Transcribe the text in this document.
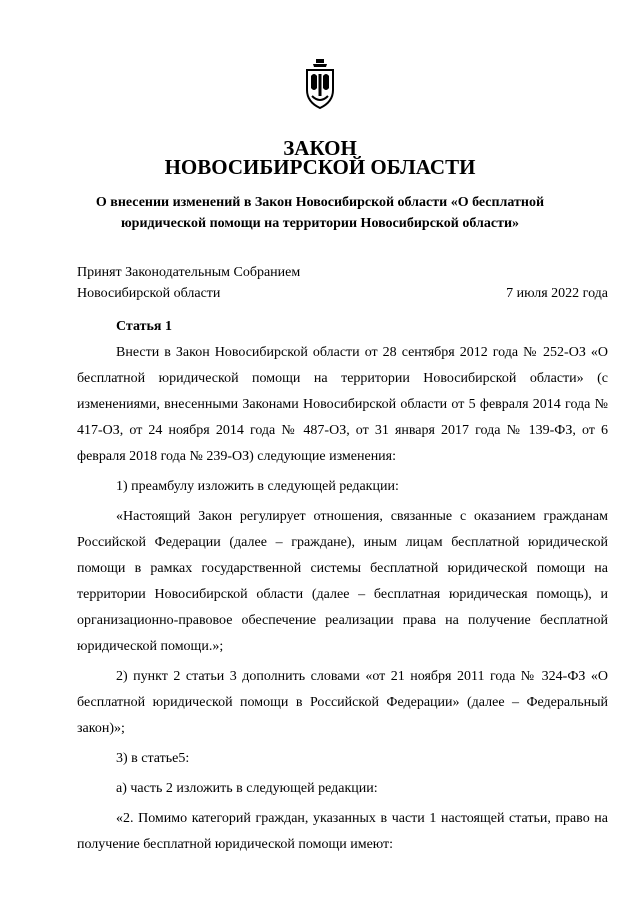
ЗАКОН
НОВОСИБИРСКОЙ ОБЛАСТИ
О внесении изменений в Закон Новосибирской области «О бесплатной
юридической помощи на территории Новосибирской области»
Принят Законодательным Собранием
Новосибирской области	7 июля 2022 года
Статья 1

Внести в Закон Новосибирской области от 28 сентября 2012 года № 252-ОЗ «О бесплатной юридической помощи на территории Новосибирской области» (с изменениями, внесенными Законами Новосибирской области от 5 февраля 2014 года № 417-ОЗ, от 24 ноября 2014 года № 487-ОЗ, от 31 января 2017 года № 139-ФЗ, от 6 февраля 2018 года № 239-ОЗ) следующие изменения:

1) преамбулу изложить в следующей редакции:

«Настоящий Закон регулирует отношения, связанные с оказанием гражданам Российской Федерации (далее – граждане), иным лицам бесплатной юридической помощи в рамках государственной системы бесплатной юридической помощи на территории Новосибирской области (далее – бесплатная юридическая помощь), и организационно-правовое обеспечение реализации права на получение бесплатной юридической помощи.»;

2) пункт 2 статьи 3 дополнить словами «от 21 ноября 2011 года № 324-ФЗ «О бесплатной юридической помощи в Российской Федерации» (далее – Федеральный закон)»;

3) в статье5:

а) часть 2 изложить в следующей редакции:

«2. Помимо категорий граждан, указанных в части 1 настоящей статьи, право на получение бесплатной юридической помощи имеют:
